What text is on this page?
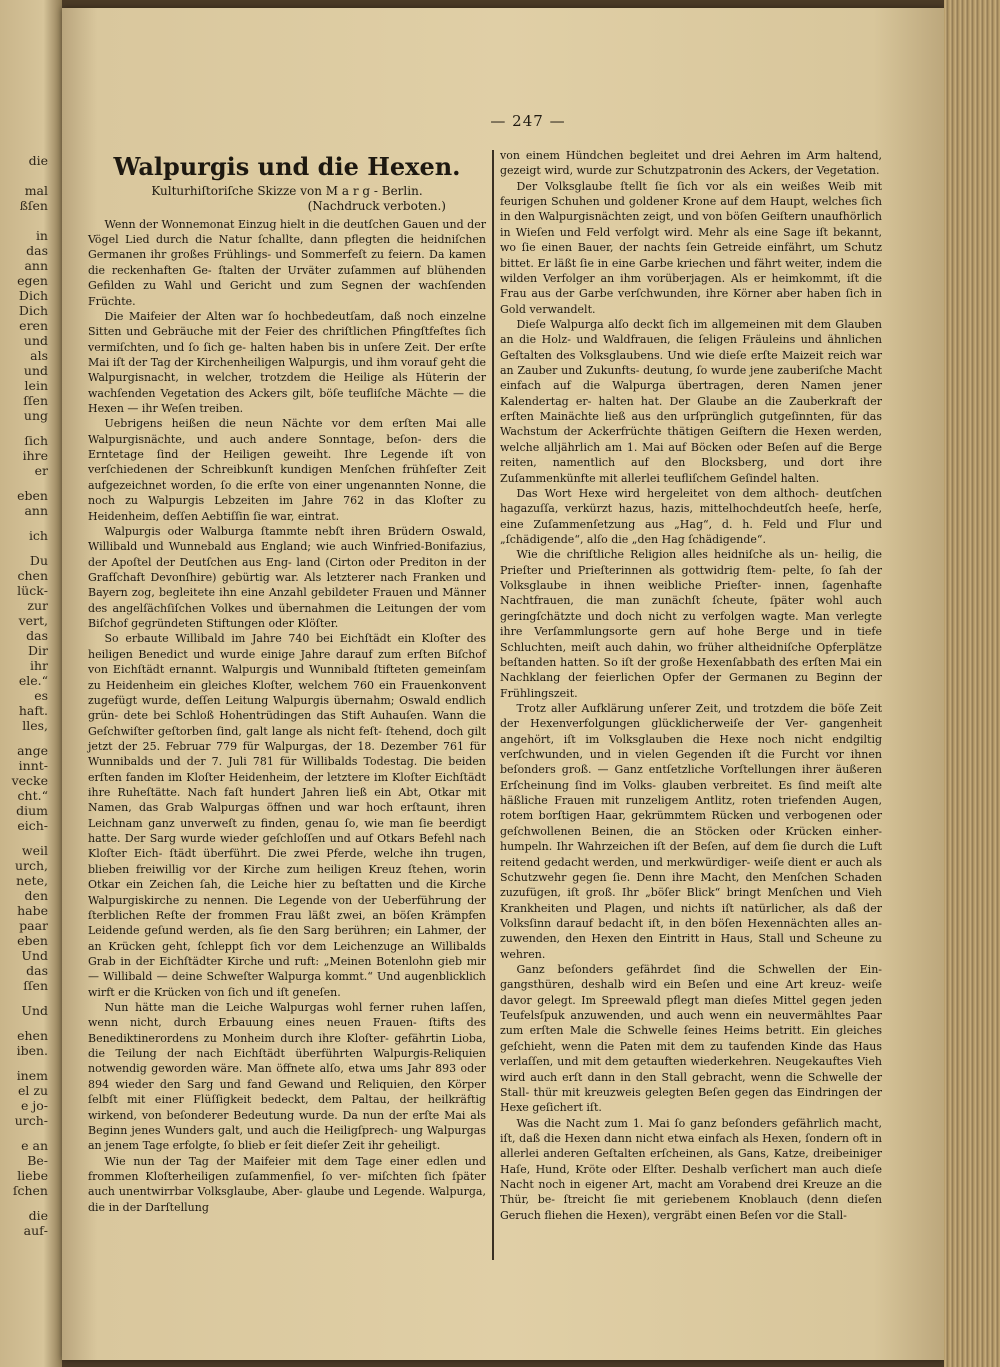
die
mal
ßſen
in
das
ann
egen
Dich
Dich
eren
und
als
und
lein
ſſen
ung
ſich
ihre
er
eben
ann
ich
Du
chen
lück‑
zur
vert,
das
Dir
ihr
ele.“
es
haft.
lles,
ange
innt‑
vecke
cht.“
dium
eich‑
weil
urch,
nete,
den
habe
paar
eben
Und
das
ſſen
Und
ehen
iben.
inem
el zu
e jo‑
urch‑
e an
Be‑
liebe
ſchen
die
auf‑
— 247 —
Walpurgis und die Hexen.
Kulturhiſtoriſche Skizze von M a r g ‑ Berlin.
(Nachdruck verboten.)

Wenn der Wonnemonat Einzug hielt in die deutſchen Gauen und der Vögel Lied durch die Natur ſchallte, dann pflegten die heidniſchen Germanen ihr großes Frühlings‑ und Sommerfeſt zu feiern. Da kamen die reckenhaften Ge‑ ſtalten der Urväter zuſammen auf blühenden Gefilden zu Wahl und Gericht und zum Segnen der wachſenden Früchte.

Die Maifeier der Alten war ſo hochbedeutſam, daß noch einzelne Sitten und Gebräuche mit der Feier des chriſtlichen Pfingſtfeſtes ſich vermiſchten, und ſo ſich ge‑ halten haben bis in unſere Zeit. Der erſte Mai iſt der Tag der Kirchenheiligen Walpurgis, und ihm vorauf geht die Walpurgisnacht, in welcher, trotzdem die Heilige als Hüterin der wachſenden Vegetation des Ackers gilt, böſe teufliſche Mächte — die Hexen — ihr Weſen treiben.

Uebrigens heißen die neun Nächte vor dem erſten Mai alle Walpurgisnächte, und auch andere Sonntage, beſon‑ ders die Erntetage ſind der Heiligen geweiht. Ihre Legende iſt von verſchiedenen der Schreibkunſt kundigen Menſchen frühſeſter Zeit aufgezeichnet worden, ſo die erſte von einer ungenannten Nonne, die noch zu Walpurgis Lebzeiten im Jahre 762 in das Kloſter zu Heidenheim, deſſen Aebtiſſin ſie war, eintrat.

Walpurgis oder Walburga ſtammte nebſt ihren Brüdern Oswald, Willibald und Wunnebald aus England; wie auch Winfried‑Bonifazius, der Apoſtel der Deutſchen aus Eng‑ land (Cirton oder Prediton in der Grafſchaft Devonſhire) gebürtig war. Als letzterer nach Franken und Bayern zog, begleitete ihn eine Anzahl gebildeter Frauen und Männer des angelſächſiſchen Volkes und übernahmen die Leitungen der vom Biſchof gegründeten Stiftungen oder Klöſter.

So erbaute Willibald im Jahre 740 bei Eichſtädt ein Kloſter des heiligen Benedict und wurde einige Jahre darauf zum erſten Biſchof von Eichſtädt ernannt. Walpurgis und Wunnibald ſtifteten gemeinſam zu Heidenheim ein gleiches Kloſter, welchem 760 ein Frauenkonvent zugefügt wurde, deſſen Leitung Walpurgis übernahm; Oswald endlich grün‑ dete bei Schloß Hohentrüdingen das Stift Auhauſen. Wann die Geſchwiſter geſtorben ſind, galt lange als nicht feſt‑ ſtehend, doch gilt jetzt der 25. Februar 779 für Walpurgas, der 18. Dezember 761 für Wunnibalds und der 7. Juli 781 für Willibalds Todestag. Die beiden erſten fanden im Kloſter Heidenheim, der letztere im Kloſter Eichſtädt ihre Ruheſtätte. Nach faſt hundert Jahren ließ ein Abt, Otkar mit Namen, das Grab Walpurgas öffnen und war hoch erſtaunt, ihren Leichnam ganz unverweſt zu finden, genau ſo, wie man ſie beerdigt hatte. Der Sarg wurde wieder geſchloſſen und auf Otkars Befehl nach Kloſter Eich‑ ſtädt überführt. Die zwei Pferde, welche ihn trugen, blieben freiwillig vor der Kirche zum heiligen Kreuz ſtehen, worin Otkar ein Zeichen ſah, die Leiche hier zu beſtatten und die Kirche Walpurgiskirche zu nennen. Die Legende von der Ueberführung der ſterblichen Reſte der frommen Frau läßt zwei, an böſen Krämpfen Leidende geſund werden, als ſie den Sarg berühren; ein Lahmer, der an Krücken geht, ſchleppt ſich vor dem Leichenzuge an Willibalds Grab in der Eichſtädter Kirche und ruft: „Meinen Botenlohn gieb mir — Willibald — deine Schweſter Walpurga kommt.“ Und augenblicklich wirft er die Krücken von ſich und iſt geneſen.

Nun hätte man die Leiche Walpurgas wohl ferner ruhen laſſen, wenn nicht, durch Erbauung eines neuen Frauen‑ ſtifts des Benediktinerordens zu Monheim durch ihre Kloſter‑ gefährtin Lioba, die Teilung der nach Eichſtädt überführten Walpurgis‑Reliquien notwendig geworden wäre. Man öffnete alſo, etwa ums Jahr 893 oder 894 wieder den Sarg und fand Gewand und Reliquien, den Körper ſelbſt mit einer Flüſſigkeit bedeckt, dem Paltau, der heilkräftig wirkend, von beſonderer Bedeutung wurde. Da nun der erſte Mai als Beginn jenes Wunders galt, und auch die Heiligſprech‑ ung Walpurgas an jenem Tage erfolgte, ſo blieb er ſeit dieſer Zeit ihr geheiligt.

Wie nun der Tag der Maifeier mit dem Tage einer edlen und frommen Kloſterheiligen zuſammenfiel, ſo ver‑ miſchten ſich ſpäter auch unentwirrbar Volksglaube, Aber‑ glaube und Legende. Walpurga, die in der Darſtellung

von einem Hündchen begleitet und drei Aehren im Arm haltend, gezeigt wird, wurde zur Schutzpatronin des Ackers, der Vegetation.

Der Volksglaube ſtellt ſie ſich vor als ein weißes Weib mit feurigen Schuhen und goldener Krone auf dem Haupt, welches ſich in den Walpurgisnächten zeigt, und von böſen Geiſtern unaufhörlich in Wieſen und Feld verfolgt wird. Mehr als eine Sage iſt bekannt, wo ſie einen Bauer, der nachts ſein Getreide einfährt, um Schutz bittet. Er läßt ſie in eine Garbe kriechen und fährt weiter, indem die wilden Verfolger an ihm vorüberjagen. Als er heimkommt, iſt die Frau aus der Garbe verſchwunden, ihre Körner aber haben ſich in Gold verwandelt.

Dieſe Walpurga alſo deckt ſich im allgemeinen mit dem Glauben an die Holz‑ und Waldfrauen, die ſeligen Fräuleins und ähnlichen Geſtalten des Volksglaubens. Und wie dieſe erſte Maizeit reich war an Zauber und Zukunfts‑ deutung, ſo wurde jene zauberiſche Macht einfach auf die Walpurga übertragen, deren Namen jener Kalendertag er‑ halten hat. Der Glaube an die Zauberkraft der erſten Mainächte ließ aus den urſprünglich gutgeſinnten, für das Wachstum der Ackerfrüchte thätigen Geiſtern die Hexen werden, welche alljährlich am 1. Mai auf Böcken oder Beſen auf die Berge reiten, namentlich auf den Blocksberg, und dort ihre Zuſammenkünfte mit allerlei teufliſchem Geſindel halten.

Das Wort Hexe wird hergeleitet von dem althoch‑ deutſchen hagazuſſa, verkürzt hazus, hazis, mittelhochdeutſch heeſe, herſe, eine Zuſammenſetzung aus „Hag“, d. h. Feld und Flur und „ſchädigende“, alſo die „den Hag ſchädigende“.

Wie die chriſtliche Religion alles heidniſche als un‑ heilig, die Prieſter und Prieſterinnen als gottwidrig ſtem‑ pelte, ſo ſah der Volksglaube in ihnen weibliche Prieſter‑ innen, ſagenhafte Nachtfrauen, die man zunächſt ſcheute, ſpäter wohl auch geringſchätzte und doch nicht zu verfolgen wagte. Man verlegte ihre Verſammlungsorte gern auf hohe Berge und in tiefe Schluchten, meiſt auch dahin, wo früher altheidniſche Opferplätze beſtanden hatten. So iſt der große Hexenſabbath des erſten Mai ein Nachklang der feierlichen Opfer der Germanen zu Beginn der Frühlingszeit.

Trotz aller Aufklärung unſerer Zeit, und trotzdem die böſe Zeit der Hexenverfolgungen glücklicherweiſe der Ver‑ gangenheit angehört, iſt im Volksglauben die Hexe noch nicht endgiltig verſchwunden, und in vielen Gegenden iſt die Furcht vor ihnen beſonders groß. — Ganz entſetzliche Vorſtellungen ihrer äußeren Erſcheinung ſind im Volks‑ glauben verbreitet. Es ſind meiſt alte häßliche Frauen mit runzeligem Antlitz, roten triefenden Augen, rotem borſtigen Haar, gekrümmtem Rücken und verbogenen oder geſchwollenen Beinen, die an Stöcken oder Krücken einher‑ humpeln. Ihr Wahrzeichen iſt der Beſen, auf dem ſie durch die Luft reitend gedacht werden, und merkwürdiger‑ weiſe dient er auch als Schutzwehr gegen ſie. Denn ihre Macht, den Menſchen Schaden zuzufügen, iſt groß. Ihr „böſer Blick“ bringt Menſchen und Vieh Krankheiten und Plagen, und nichts iſt natürlicher, als daß der Volksſinn darauf bedacht iſt, in den böſen Hexennächten alles an‑ zuwenden, den Hexen den Eintritt in Haus, Stall und Scheune zu wehren.

Ganz beſonders gefährdet ſind die Schwellen der Ein‑ gangsthüren, deshalb wird ein Beſen und eine Art kreuz‑ weiſe davor gelegt. Im Spreewald pflegt man dieſes Mittel gegen jeden Teufelsſpuk anzuwenden, und auch wenn ein neuvermähltes Paar zum erſten Male die Schwelle ſeines Heims betritt. Ein gleiches geſchieht, wenn die Paten mit dem zu taufenden Kinde das Haus verlaſſen, und mit dem getauften wiederkehren. Neugekauftes Vieh wird auch erſt dann in den Stall gebracht, wenn die Schwelle der Stall‑ thür mit kreuzweis gelegten Beſen gegen das Eindringen der Hexe geſichert iſt.

Was die Nacht zum 1. Mai ſo ganz beſonders gefährlich macht, iſt, daß die Hexen dann nicht etwa einfach als Hexen, ſondern oft in allerlei anderen Geſtalten erſcheinen, als Gans, Katze, dreibeiniger Haſe, Hund, Kröte oder Elſter. Deshalb verſichert man auch dieſe Nacht noch in eigener Art, macht am Vorabend drei Kreuze an die Thür, be‑ ſtreicht ſie mit geriebenem Knoblauch (denn dieſen Geruch fliehen die Hexen), vergräbt einen Beſen vor die Stall‑
